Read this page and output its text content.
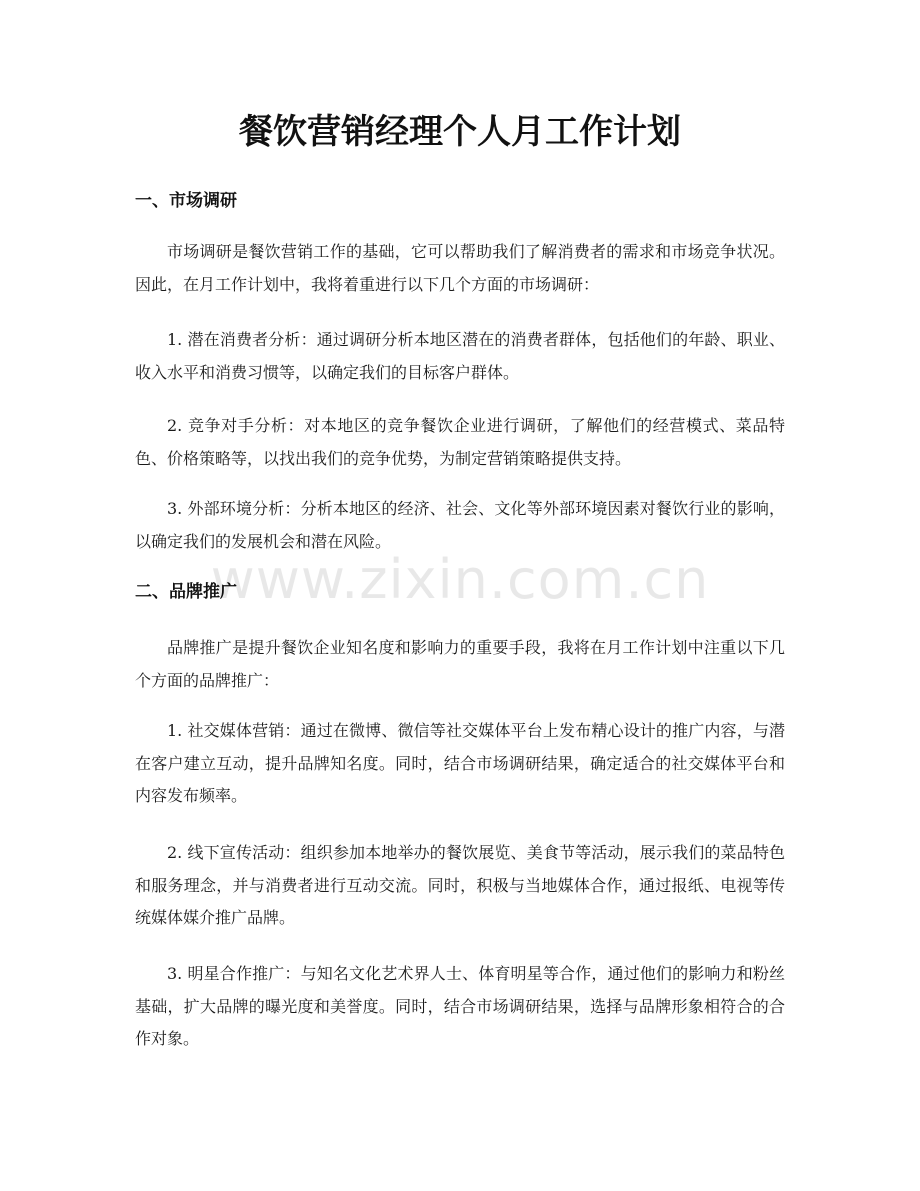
餐饮营销经理个人月工作计划
一、市场调研

市场调研是餐饮营销工作的基础，它可以帮助我们了解消费者的需求和市场竞争状况。因此，在月工作计划中，我将着重进行以下几个方面的市场调研：

1. 潜在消费者分析：通过调研分析本地区潜在的消费者群体，包括他们的年龄、职业、收入水平和消费习惯等，以确定我们的目标客户群体。

2. 竞争对手分析：对本地区的竞争餐饮企业进行调研，了解他们的经营模式、菜品特色、价格策略等，以找出我们的竞争优势，为制定营销策略提供支持。

3. 外部环境分析：分析本地区的经济、社会、文化等外部环境因素对餐饮行业的影响，以确定我们的发展机会和潜在风险。

二、品牌推广

品牌推广是提升餐饮企业知名度和影响力的重要手段，我将在月工作计划中注重以下几个方面的品牌推广：

1. 社交媒体营销：通过在微博、微信等社交媒体平台上发布精心设计的推广内容，与潜在客户建立互动，提升品牌知名度。同时，结合市场调研结果，确定适合的社交媒体平台和内容发布频率。

2. 线下宣传活动：组织参加本地举办的餐饮展览、美食节等活动，展示我们的菜品特色和服务理念，并与消费者进行互动交流。同时，积极与当地媒体合作，通过报纸、电视等传统媒体媒介推广品牌。

3. 明星合作推广：与知名文化艺术界人士、体育明星等合作，通过他们的影响力和粉丝基础，扩大品牌的曝光度和美誉度。同时，结合市场调研结果，选择与品牌形象相符合的合作对象。

www.zixin.com.cn
